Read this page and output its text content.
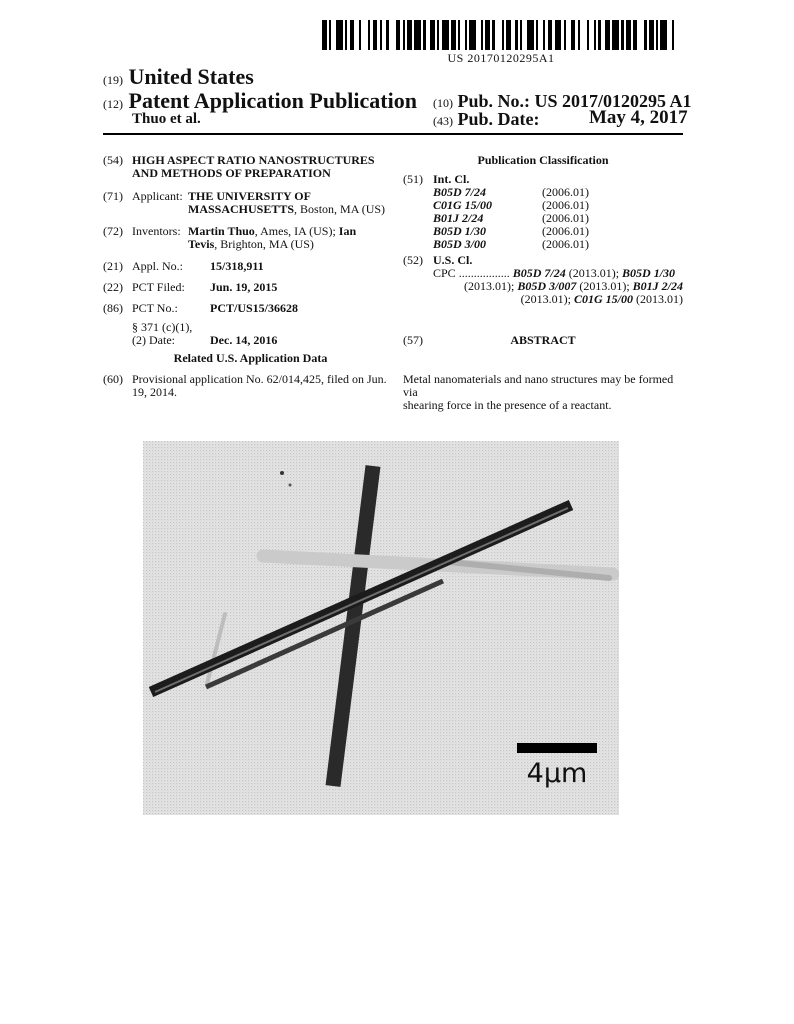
US 20170120295A1
(19) United States
(12) Patent Application Publication
Thuo et al.
(10) Pub. No.: US 2017/0120295 A1
(43) Pub. Date:	May 4, 2017
(54) HIGH ASPECT RATIO NANOSTRUCTURES
AND METHODS OF PREPARATION
(71) Applicant: THE UNIVERSITY OF
MASSACHUSETTS, Boston, MA (US)
(72) Inventors: Martin Thuo, Ames, IA (US); Ian
Tevis, Brighton, MA (US)
(21) Appl. No.: 15/318,911
(22) PCT Filed: Jun. 19, 2015
(86) PCT No.:	PCT/US15/36628
§ 371 (c)(1),
(2) Date:	Dec. 14, 2016
Related U.S. Application Data
(60) Provisional application No. 62/014,425, filed on Jun.
19, 2014.
Publication Classification
(51) Int. Cl.
B05D 7/24	(2006.01)
C01G 15/00	(2006.01)
B01J 2/24	(2006.01)
B05D 1/30	(2006.01)
B05D 3/00	(2006.01)
(52) U.S. Cl.
CPC ................. B05D 7/24 (2013.01); B05D 1/30
(2013.01); B05D 3/007 (2013.01); B01J 2/24
(2013.01); C01G 15/00 (2013.01)
(57)	ABSTRACT
Metal nanomaterials and nano structures may be formed via
shearing force in the presence of a reactant.
4μm
